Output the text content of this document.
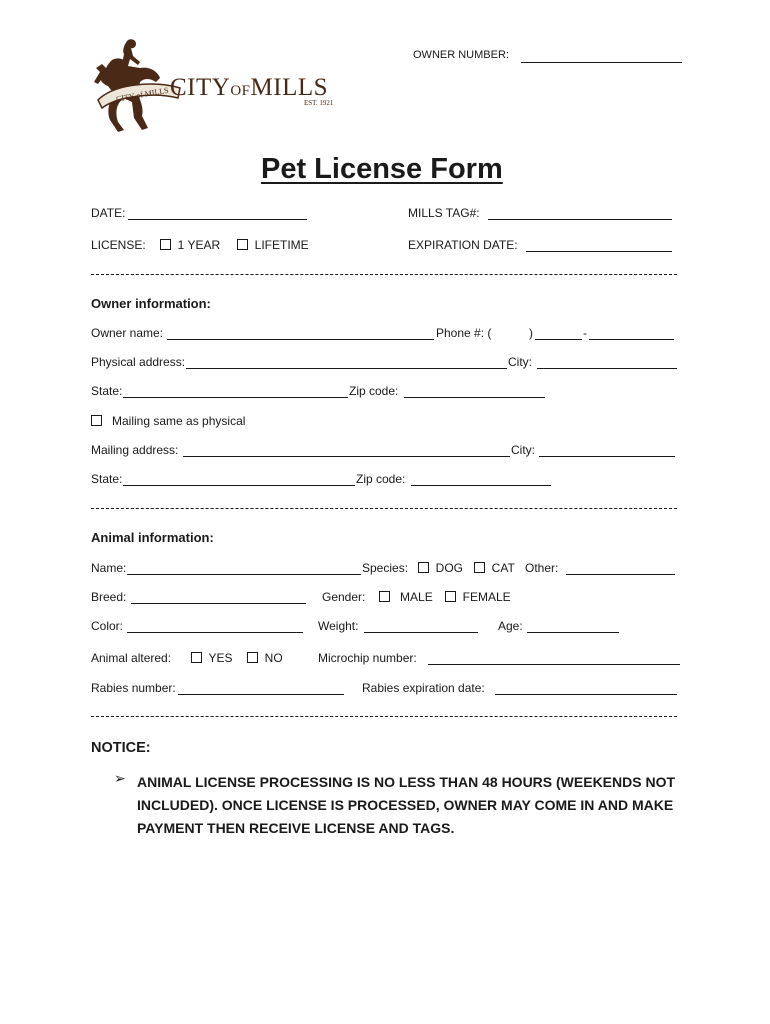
CITY of MILLS CITYOFMILLS
EST. 1921
OWNER NUMBER:
Pet License Form
DATE:	MILLS TAG#:
LICENSE:	1 YEAR	LIFETIME	EXPIRATION DATE:
Owner information:
Owner name:	Phone #: (	)	-
Physical address:	City:
State:	Zip code:
Mailing same as physical
Mailing address:	City:
State:	Zip code:
Animal information:
Name:	Species:	DOG	CAT Other:
Breed:	Gender:	MALE	FEMALE
Color:	Weight:	Age:
Animal altered:	YES	NO	Microchip number:
Rabies number:	Rabies expiration date:
NOTICE:
➢ ANIMAL LICENSE PROCESSING IS NO LESS THAN 48 HOURS (WEEKENDS NOT INCLUDED). ONCE LICENSE IS PROCESSED, OWNER MAY COME IN AND MAKE PAYMENT THEN RECEIVE LICENSE AND TAGS.
